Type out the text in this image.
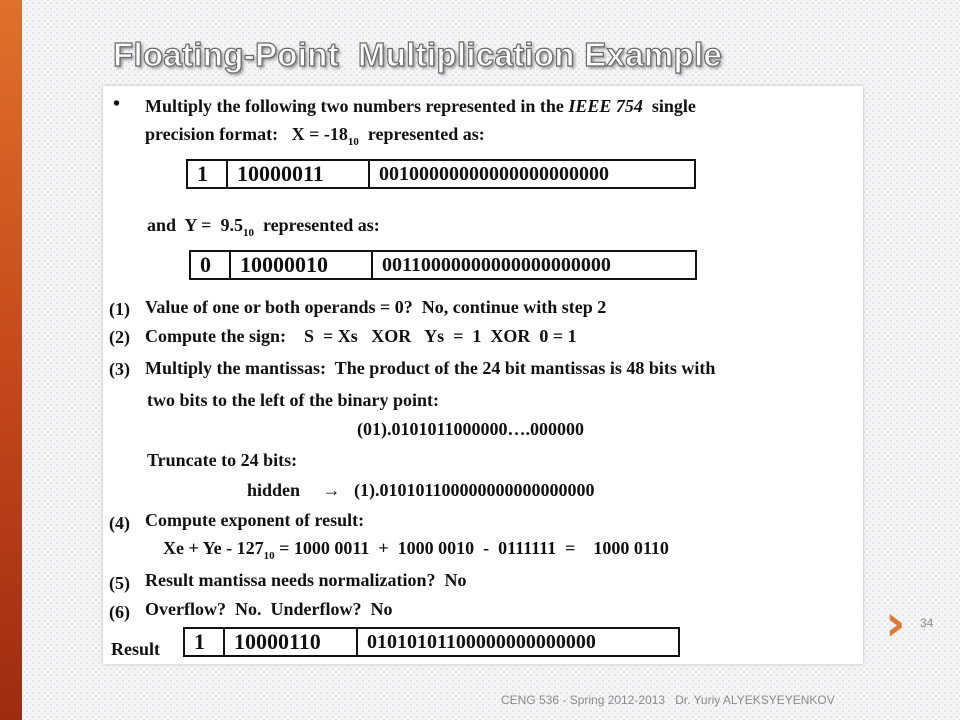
Floating-Point  Multiplication Example
• Multiply the following two numbers represented in the IEEE 754  single
precision format:   $X = -18_{10}$  represented as:
1	10000011	00100000000000000000000
and  $Y = 9.5_{10}$  represented as:
0	10000010	00110000000000000000000
(1) Value of one or both operands = 0?  No, continue with step 2
(2) Compute the sign:    S  = Xs   XOR   Ys  =  1  XOR  0 = 1
(3) Multiply the mantissas:  The product of the 24 bit mantissas is 48 bits with
two bits to the left of the binary point:
(01).0101011000000….000000
Truncate to 24 bits:
hidden     →   (1).010101100000000000000000
(4) Compute exponent of result:
$Xe + Ye - 127_{10} = 1000$ 0011  +  1000 0010  -  0111111  =    1000 0110
(5) Result mantissa needs normalization?  No
(6) Overflow?  No.  Underflow?  No
Result	1	10000110	01010101100000000000000	› 34
CENG 536 - Spring 2012-2013   Dr. Yuriy ALYEKSYEYENKOV
